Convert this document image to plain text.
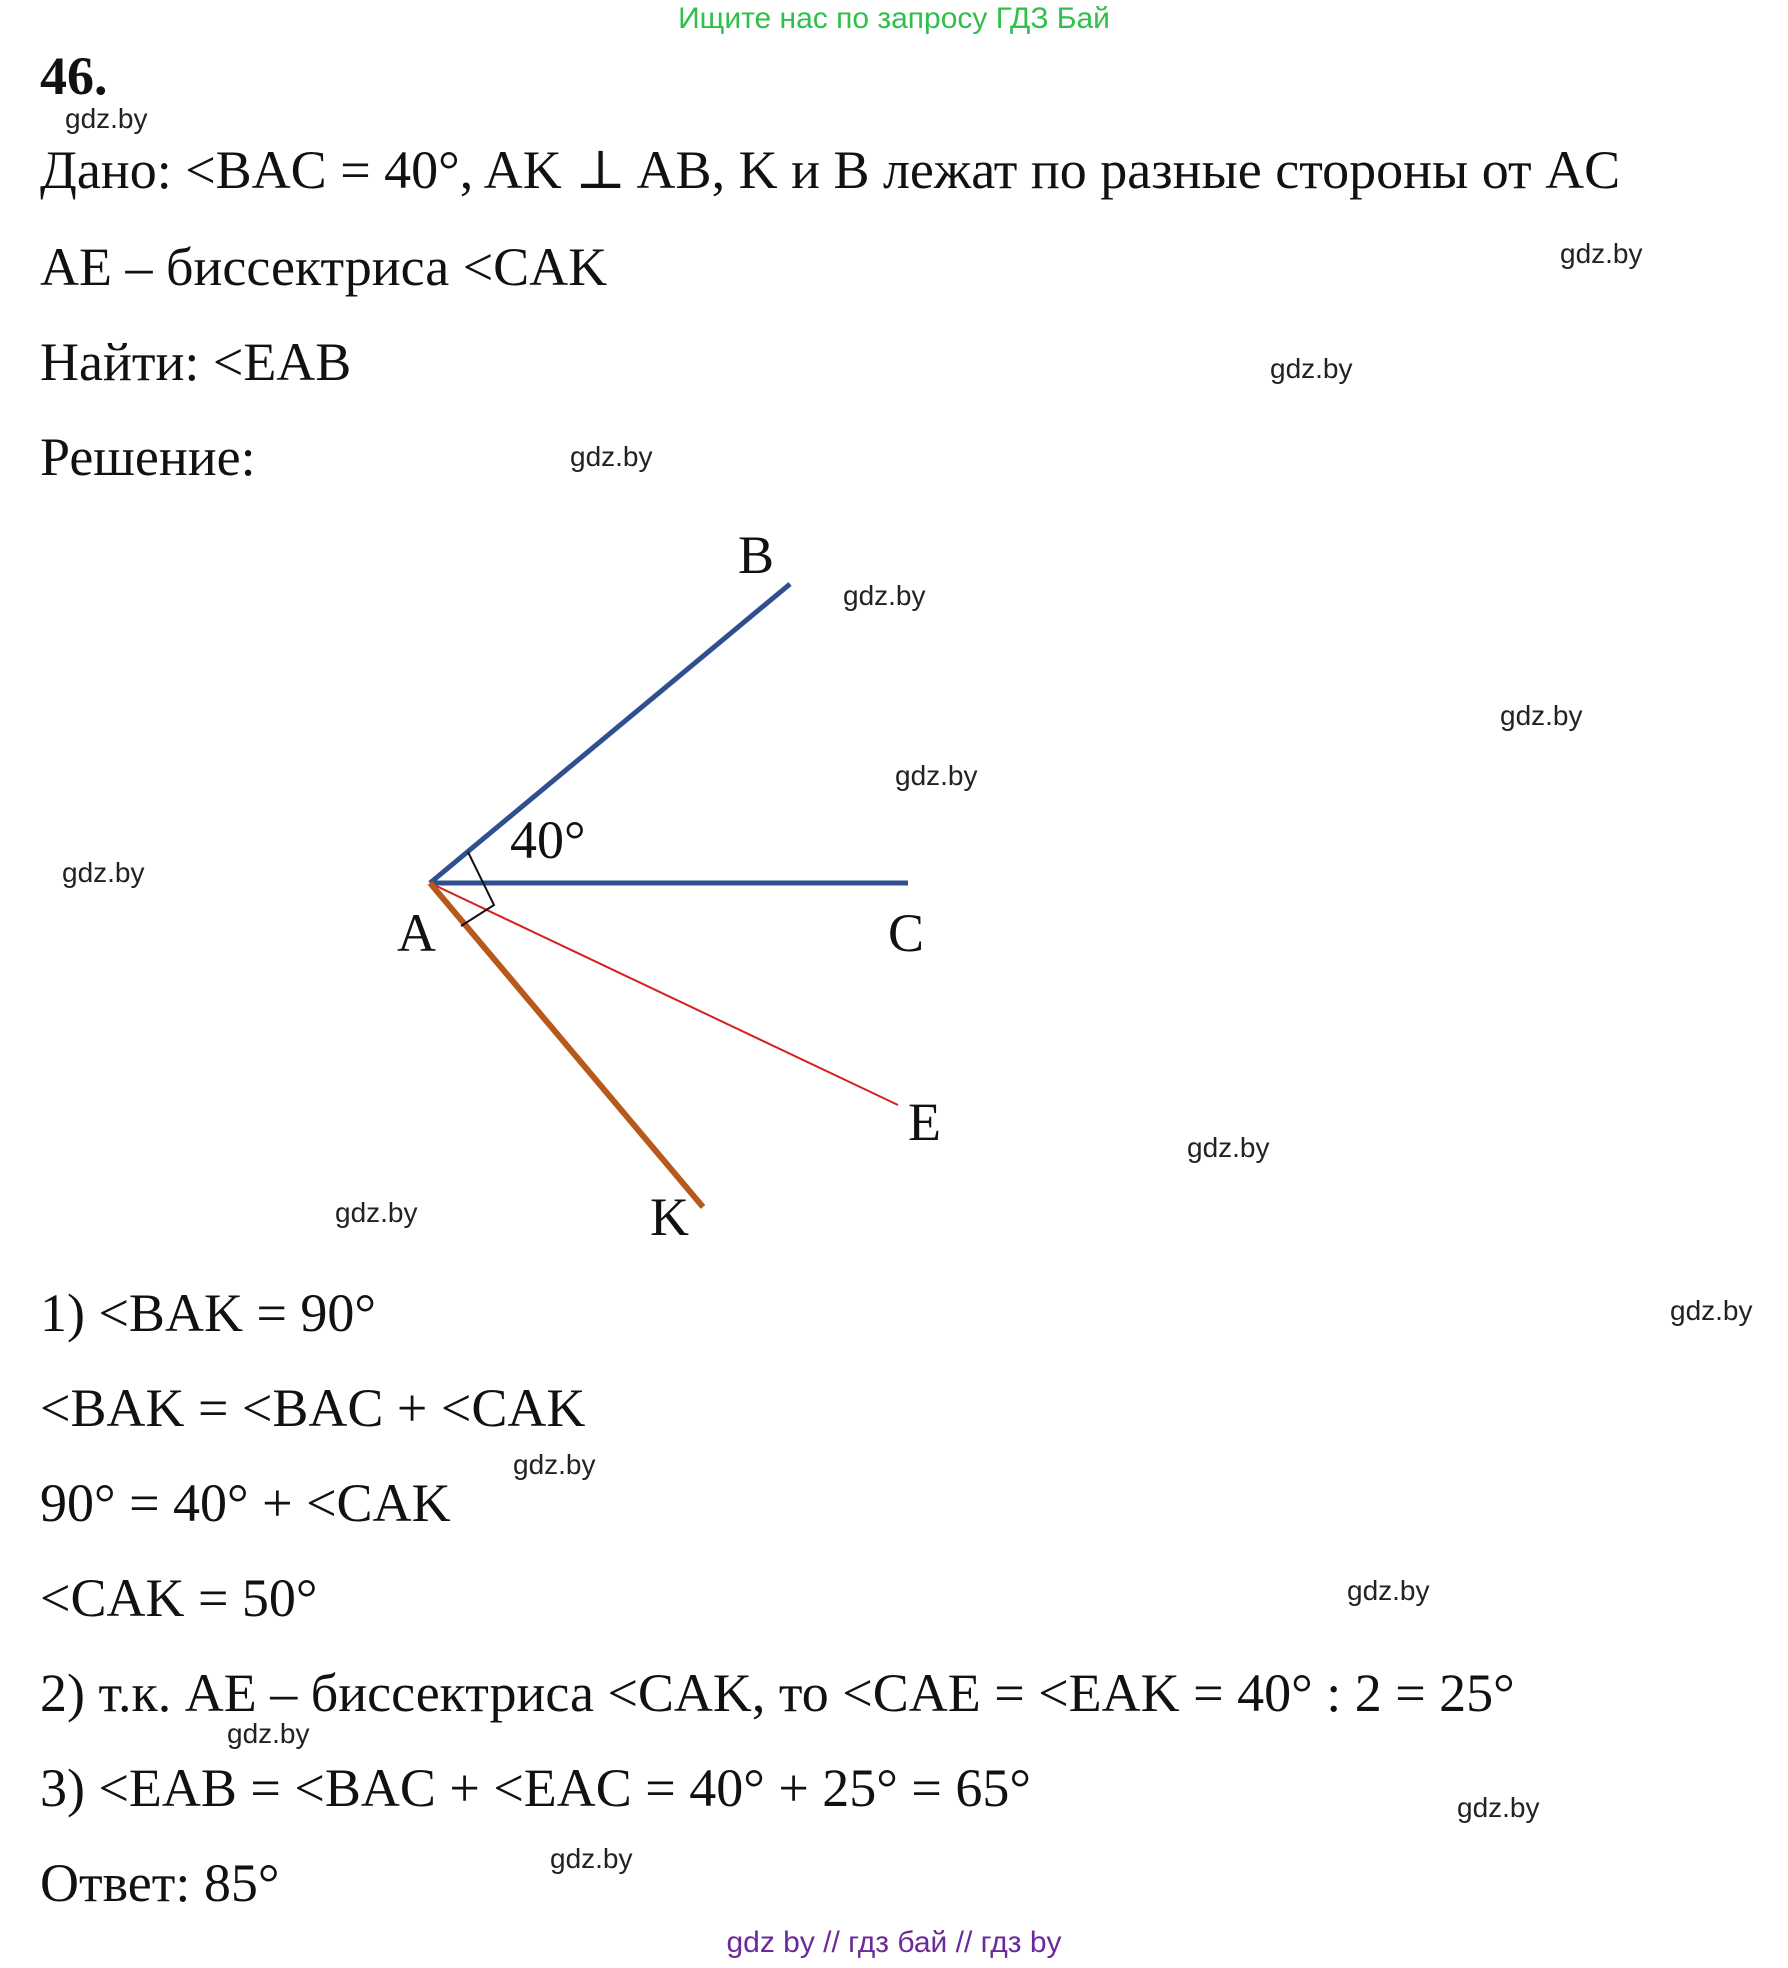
Ищите нас по запросу ГДЗ Бай
46.
Дано: <BAC = 40°, AK ⊥ AB, K и B лежат по разные стороны от AC
AE – биссектриса <CAK
Найти: <EAB
Решение:
B
40°
A	C
E
K
1) <BAK = 90°
<BAK = <BAC + <CAK
90° = 40° + <CAK
<CAK = 50°
2) т.к. AE – биссектриса <CAK, то <CAE = <EAK = 40° : 2 = 25°
3) <EAB = <BAC + <EAC = 40° + 25° = 65°
Ответ: 85°
gdz.by
gdz.by
gdz.by
gdz.by
gdz.by
gdz.by
gdz.by
gdz.by
gdz.by
gdz.by
gdz.by
gdz.by
gdz.by
gdz.by
gdz.by
gdz.by
gdz by // гдз бай // гдз by
